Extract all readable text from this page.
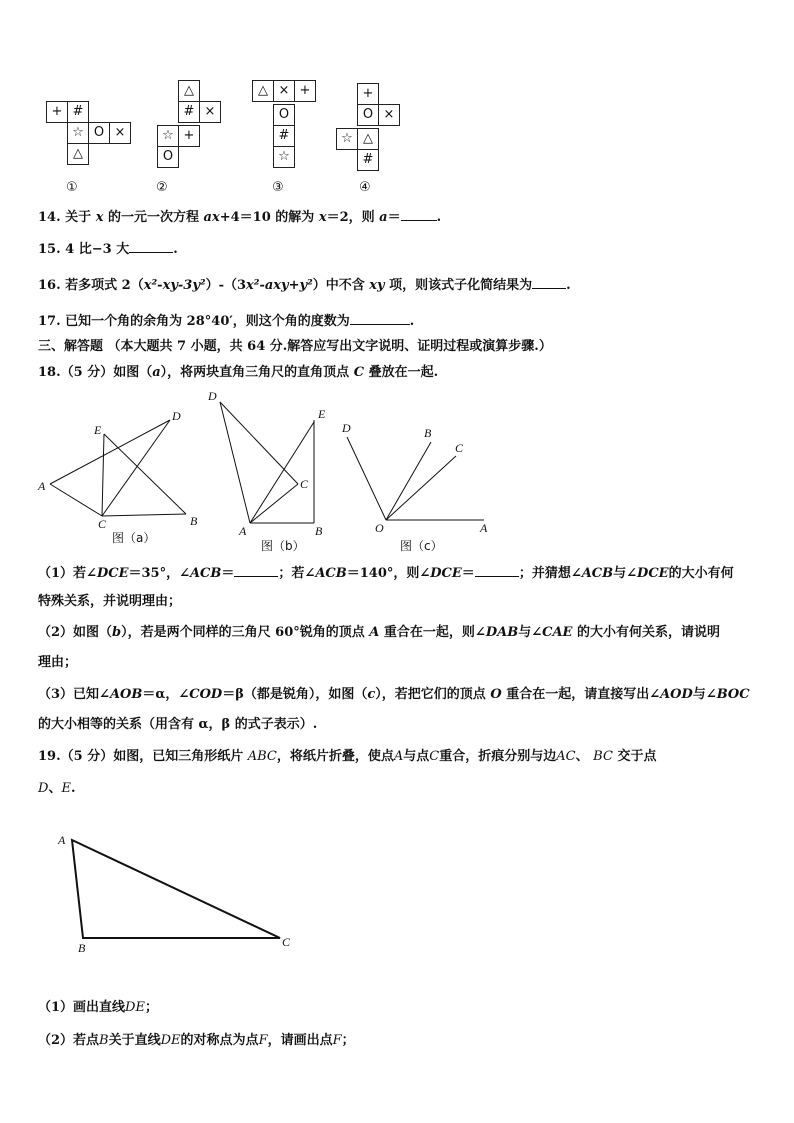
+ #
☆ O ×
△
①
△
# ×
☆ +
O
②
△ × +
O
#
☆
③
+
O ×
☆ △
#
④
14. 关于 x 的一元一次方程 ax+4＝10 的解为 x＝2，则 a＝	.
15. 4 比−3 大	.
16. 若多项式 2（x²-xy-3y²）-（3x²-axy+y²）中不含 xy 项，则该式子化简结果为	.
17. 已知一个角的余角为 28°40′，则这个角的度数为	.
三、解答题 （本大题共 7 小题，共 64 分.解答应写出文字说明、证明过程或演算步骤.）
18.（5 分）如图（a），将两块直角三角尺的直角顶点 C 叠放在一起.
D
E
A
C	B
D
E
C
A	B
D	B
C
O	A
图（a）
图（b）	图（c）
（1）若∠DCE＝35°，∠ACB＝	；若∠ACB＝140°，则∠DCE＝	；并猜想∠ACB与∠DCE的大小有何
特殊关系，并说明理由；
（2）如图（b），若是两个同样的三角尺 60°锐角的顶点 A 重合在一起，则∠DAB与∠CAE 的大小有何关系，请说明
理由；
（3）已知∠AOB＝α，∠COD＝β（都是锐角），如图（c），若把它们的顶点 O 重合在一起，请直接写出∠AOD与∠BOC
的大小相等的关系（用含有 α，β 的式子表示）.
19.（5 分）如图，已知三角形纸片 ABC，将纸片折叠，使点A与点C重合，折痕分别与边AC、 BC 交于点
D、E.
A
B	C
（1）画出直线DE；
（2）若点B关于直线DE的对称点为点F，请画出点F；
